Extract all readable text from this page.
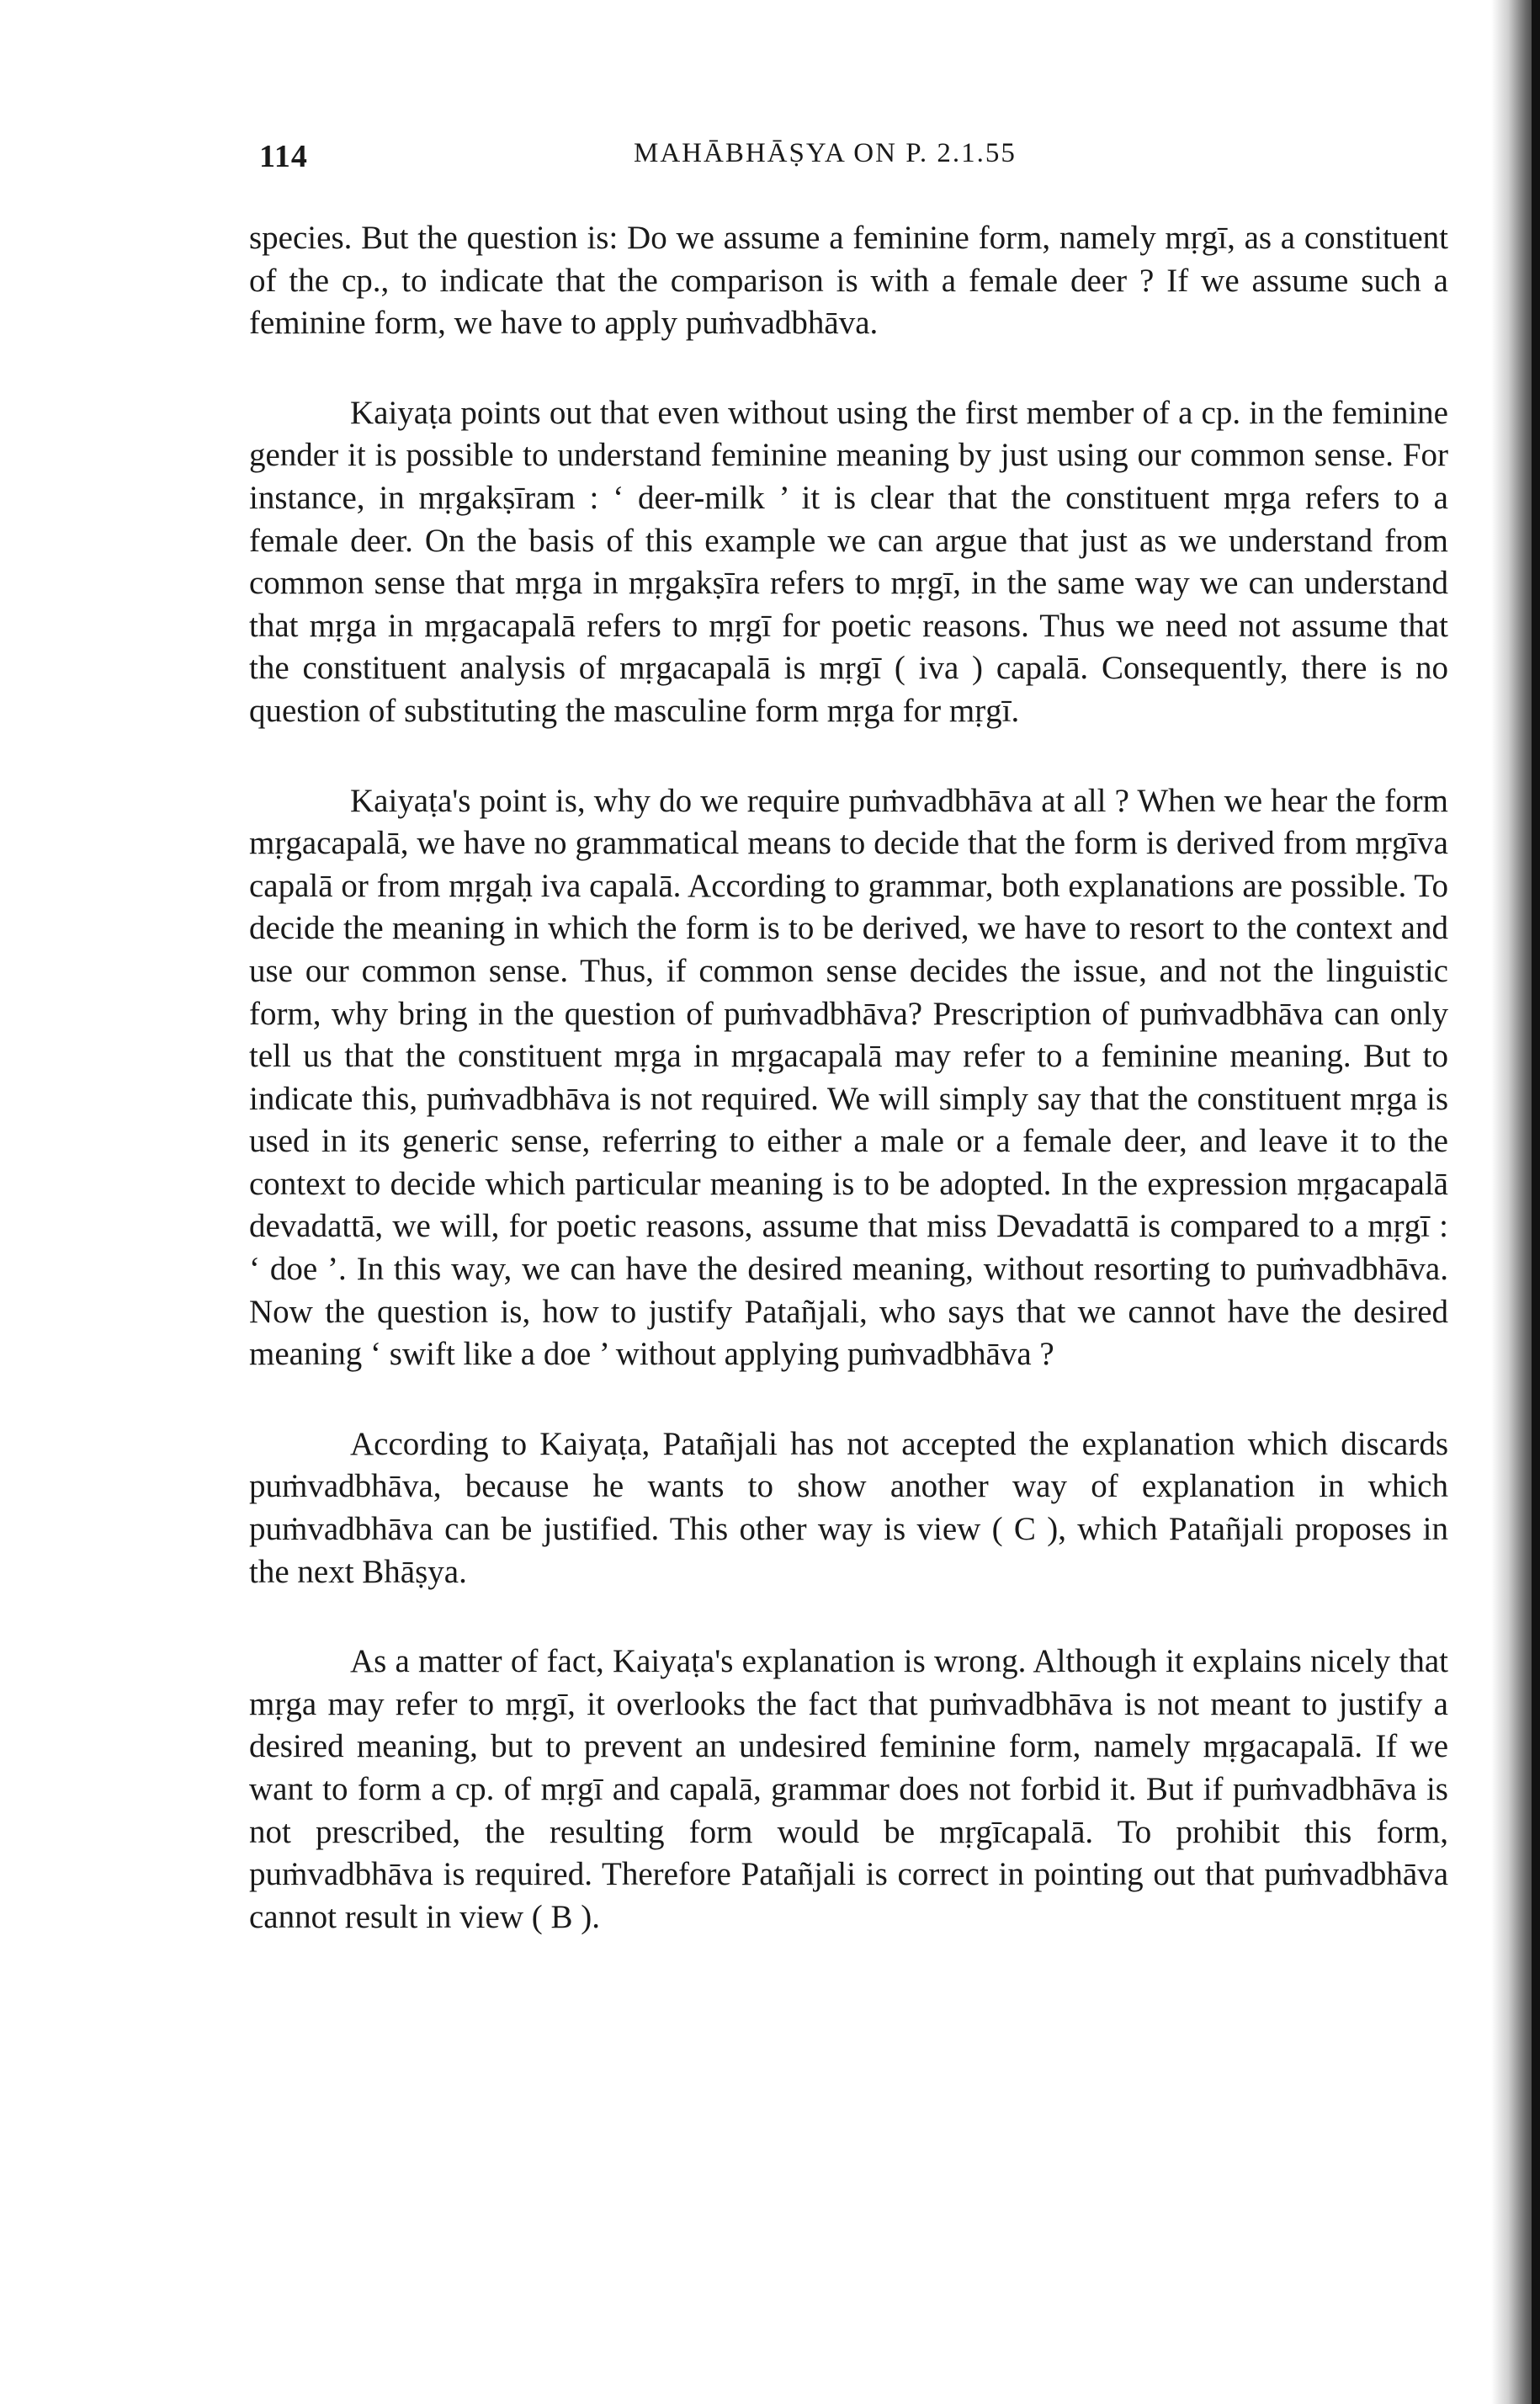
114	MAHĀBHĀṢYA ON P. 2.1.55

species. But the question is: Do we assume a feminine form, namely mṛgī, as a constituent of the cp., to indicate that the comparison is with a female deer ? If we assume such a feminine form, we have to apply puṁvadbhāva.

Kaiyaṭa points out that even without using the first member of a cp. in the feminine gender it is possible to understand feminine meaning by just using our common sense. For instance, in mṛgakṣīram : ‘ deer-milk ’ it is clear that the constituent mṛga refers to a female deer. On the basis of this example we can argue that just as we understand from common sense that mṛga in mṛgakṣīra refers to mṛgī, in the same way we can understand that mṛga in mṛgacapalā refers to mṛgī for poetic reasons. Thus we need not assume that the constituent analysis of mṛgacapalā is mṛgī ( iva ) capalā. Consequently, there is no question of substituting the masculine form mṛga for mṛgī.

Kaiyaṭa's point is, why do we require puṁvadbhāva at all ? When we hear the form mṛgacapalā, we have no grammatical means to decide that the form is derived from mṛgīva capalā or from mṛgaḥ iva capalā. According to grammar, both explanations are possible. To decide the meaning in which the form is to be derived, we have to resort to the context and use our common sense. Thus, if common sense decides the issue, and not the linguistic form, why bring in the question of puṁvadbhāva? Prescription of puṁvadbhāva can only tell us that the constituent mṛga in mṛgacapalā may refer to a feminine meaning. But to indicate this, puṁvadbhāva is not required. We will simply say that the constituent mṛga is used in its generic sense, referring to either a male or a female deer, and leave it to the context to decide which particular meaning is to be adopted. In the expression mṛgacapalā devadattā, we will, for poetic reasons, assume that miss Devadattā is compared to a mṛgī : ‘ doe ’. In this way, we can have the desired meaning, without resorting to puṁvadbhāva. Now the question is, how to justify Patañjali, who says that we cannot have the desired meaning ‘ swift like a doe ’ without applying puṁvadbhāva ?

According to Kaiyaṭa, Patañjali has not accepted the explanation which discards puṁvadbhāva, because he wants to show another way of explanation in which puṁvadbhāva can be justified. This other way is view ( C ), which Patañjali proposes in the next Bhāṣya.

As a matter of fact, Kaiyaṭa's explanation is wrong. Although it explains nicely that mṛga may refer to mṛgī, it overlooks the fact that puṁvadbhāva is not meant to justify a desired meaning, but to prevent an undesired feminine form, namely mṛgacapalā. If we want to form a cp. of mṛgī and capalā, grammar does not forbid it. But if puṁvadbhāva is not prescribed, the resulting form would be mṛgīcapalā. To prohibit this form, puṁvadbhāva is required. Therefore Patañjali is correct in pointing out that puṁvadbhāva cannot result in view ( B ).
